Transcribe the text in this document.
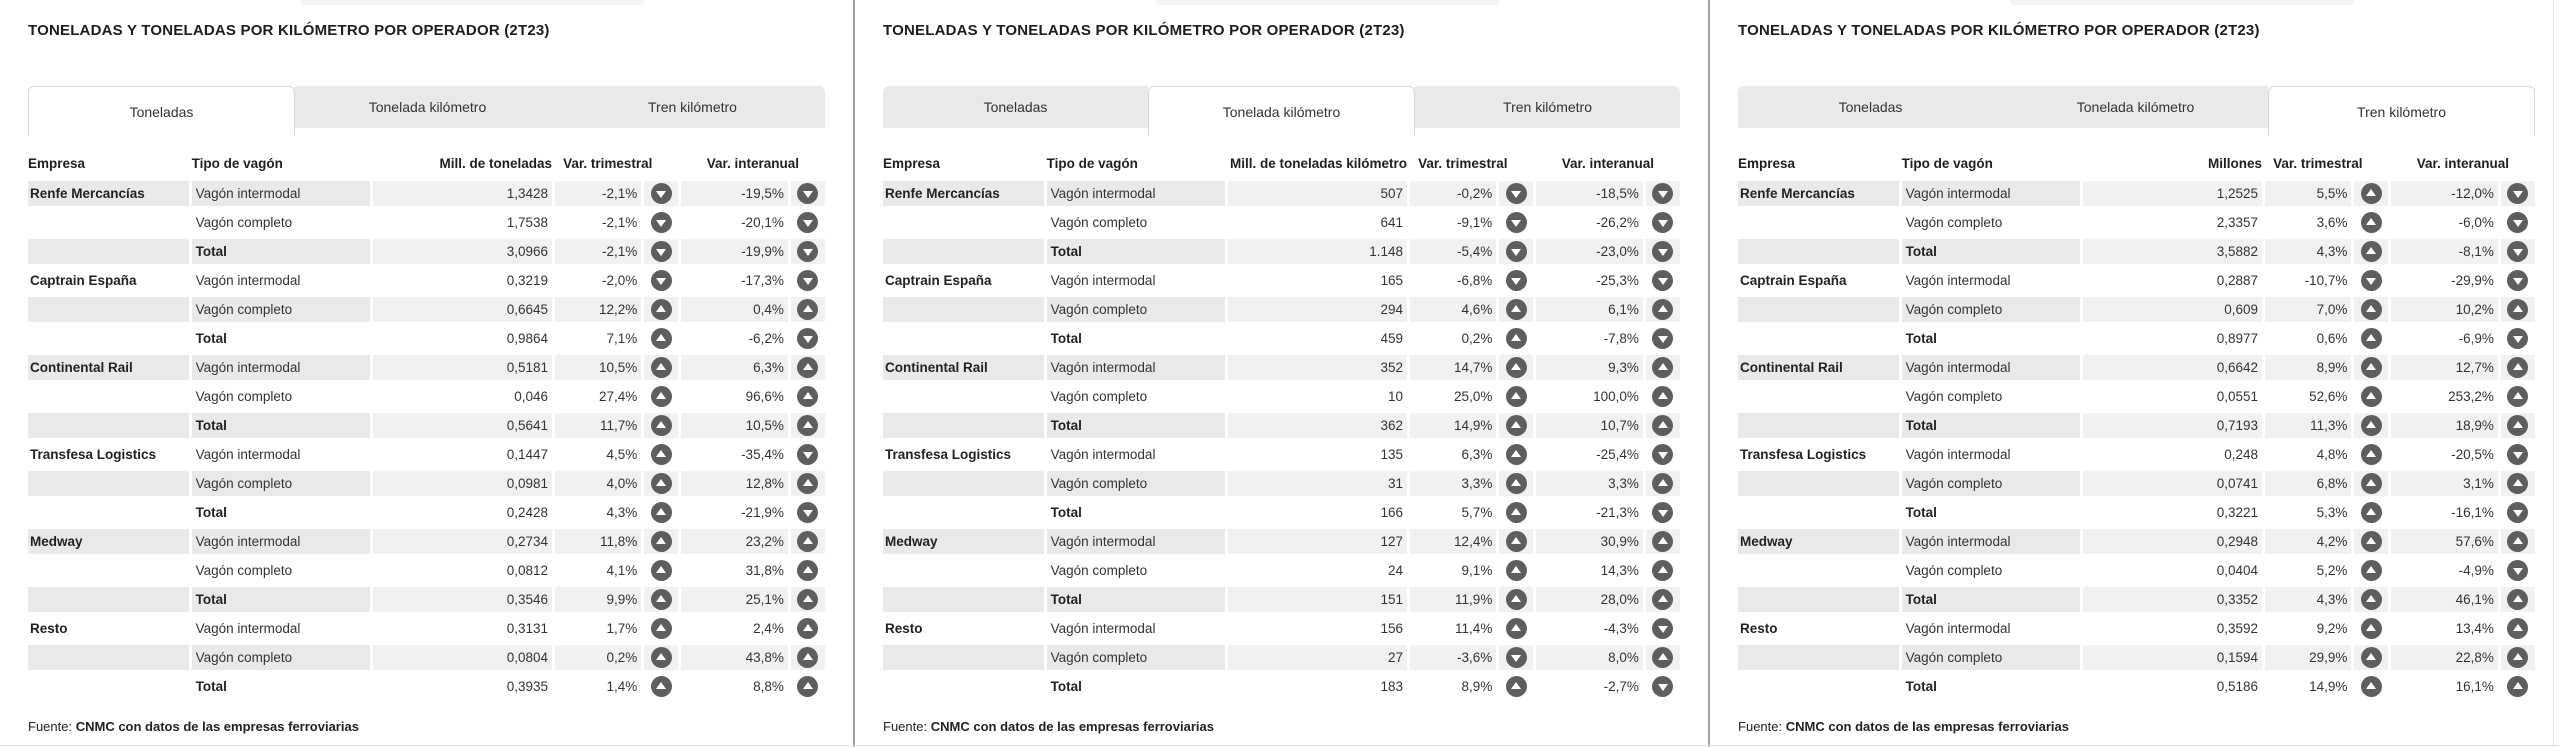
TONELADAS Y TONELADAS POR KILÓMETRO POR OPERADOR (2T23)
Toneladas	Tonelada kilómetro	Tren kilómetro
Empresa	Tipo de vagón	Mill. de toneladas	Var. trimestral		Var. interanual	
Renfe Mercancías	Vagón intermodal	1,3428	-2,1%		-19,5%	

	Vagón completo	1,7538	-2,1%		-20,1%	

	Total	3,0966	-2,1%		-19,9%	

Captrain España	Vagón intermodal	0,3219	-2,0%		-17,3%	

	Vagón completo	0,6645	12,2%		0,4%	

	Total	0,9864	7,1%		-6,2%	

Continental Rail	Vagón intermodal	0,5181	10,5%		6,3%	

	Vagón completo	0,046	27,4%		96,6%	

	Total	0,5641	11,7%		10,5%	

Transfesa Logistics	Vagón intermodal	0,1447	4,5%		-35,4%	

	Vagón completo	0,0981	4,0%		12,8%	

	Total	0,2428	4,3%		-21,9%	

Medway	Vagón intermodal	0,2734	11,8%		23,2%	

	Vagón completo	0,0812	4,1%		31,8%	

	Total	0,3546	9,9%		25,1%	

Resto	Vagón intermodal	0,3131	1,7%		2,4%	

	Vagón completo	0,0804	0,2%		43,8%	

	Total	0,3935	1,4%		8,8%	

Fuente: CNMC con datos de las empresas ferroviarias

TONELADAS Y TONELADAS POR KILÓMETRO POR OPERADOR (2T23)
Toneladas	Tonelada kilómetro	Tren kilómetro
Empresa	Tipo de vagón	Mill. de toneladas kilómetro	Var. trimestral		Var. interanual	
Renfe Mercancías	Vagón intermodal	507	-0,2%		-18,5%	

	Vagón completo	641	-9,1%		-26,2%	

	Total	1.148	-5,4%		-23,0%	

Captrain España	Vagón intermodal	165	-6,8%		-25,3%	

	Vagón completo	294	4,6%		6,1%	

	Total	459	0,2%		-7,8%	

Continental Rail	Vagón intermodal	352	14,7%		9,3%	

	Vagón completo	10	25,0%		100,0%	

	Total	362	14,9%		10,7%	

Transfesa Logistics	Vagón intermodal	135	6,3%		-25,4%	

	Vagón completo	31	3,3%		3,3%	

	Total	166	5,7%		-21,3%	

Medway	Vagón intermodal	127	12,4%		30,9%	

	Vagón completo	24	9,1%		14,3%	

	Total	151	11,9%		28,0%	

Resto	Vagón intermodal	156	11,4%		-4,3%	

	Vagón completo	27	-3,6%		8,0%	

	Total	183	8,9%		-2,7%	

Fuente: CNMC con datos de las empresas ferroviarias

TONELADAS Y TONELADAS POR KILÓMETRO POR OPERADOR (2T23)
Toneladas	Tonelada kilómetro	Tren kilómetro
Empresa	Tipo de vagón	Millones	Var. trimestral		Var. interanual	
Renfe Mercancías	Vagón intermodal	1,2525	5,5%		-12,0%	

	Vagón completo	2,3357	3,6%		-6,0%	

	Total	3,5882	4,3%		-8,1%	

Captrain España	Vagón intermodal	0,2887	-10,7%		-29,9%	

	Vagón completo	0,609	7,0%		10,2%	

	Total	0,8977	0,6%		-6,9%	

Continental Rail	Vagón intermodal	0,6642	8,9%		12,7%	

	Vagón completo	0,0551	52,6%		253,2%	

	Total	0,7193	11,3%		18,9%	

Transfesa Logistics	Vagón intermodal	0,248	4,8%		-20,5%	

	Vagón completo	0,0741	6,8%		3,1%	

	Total	0,3221	5,3%		-16,1%	

Medway	Vagón intermodal	0,2948	4,2%		57,6%	

	Vagón completo	0,0404	5,2%		-4,9%	

	Total	0,3352	4,3%		46,1%	

Resto	Vagón intermodal	0,3592	9,2%		13,4%	

	Vagón completo	0,1594	29,9%		22,8%	

	Total	0,5186	14,9%		16,1%	

Fuente: CNMC con datos de las empresas ferroviarias
